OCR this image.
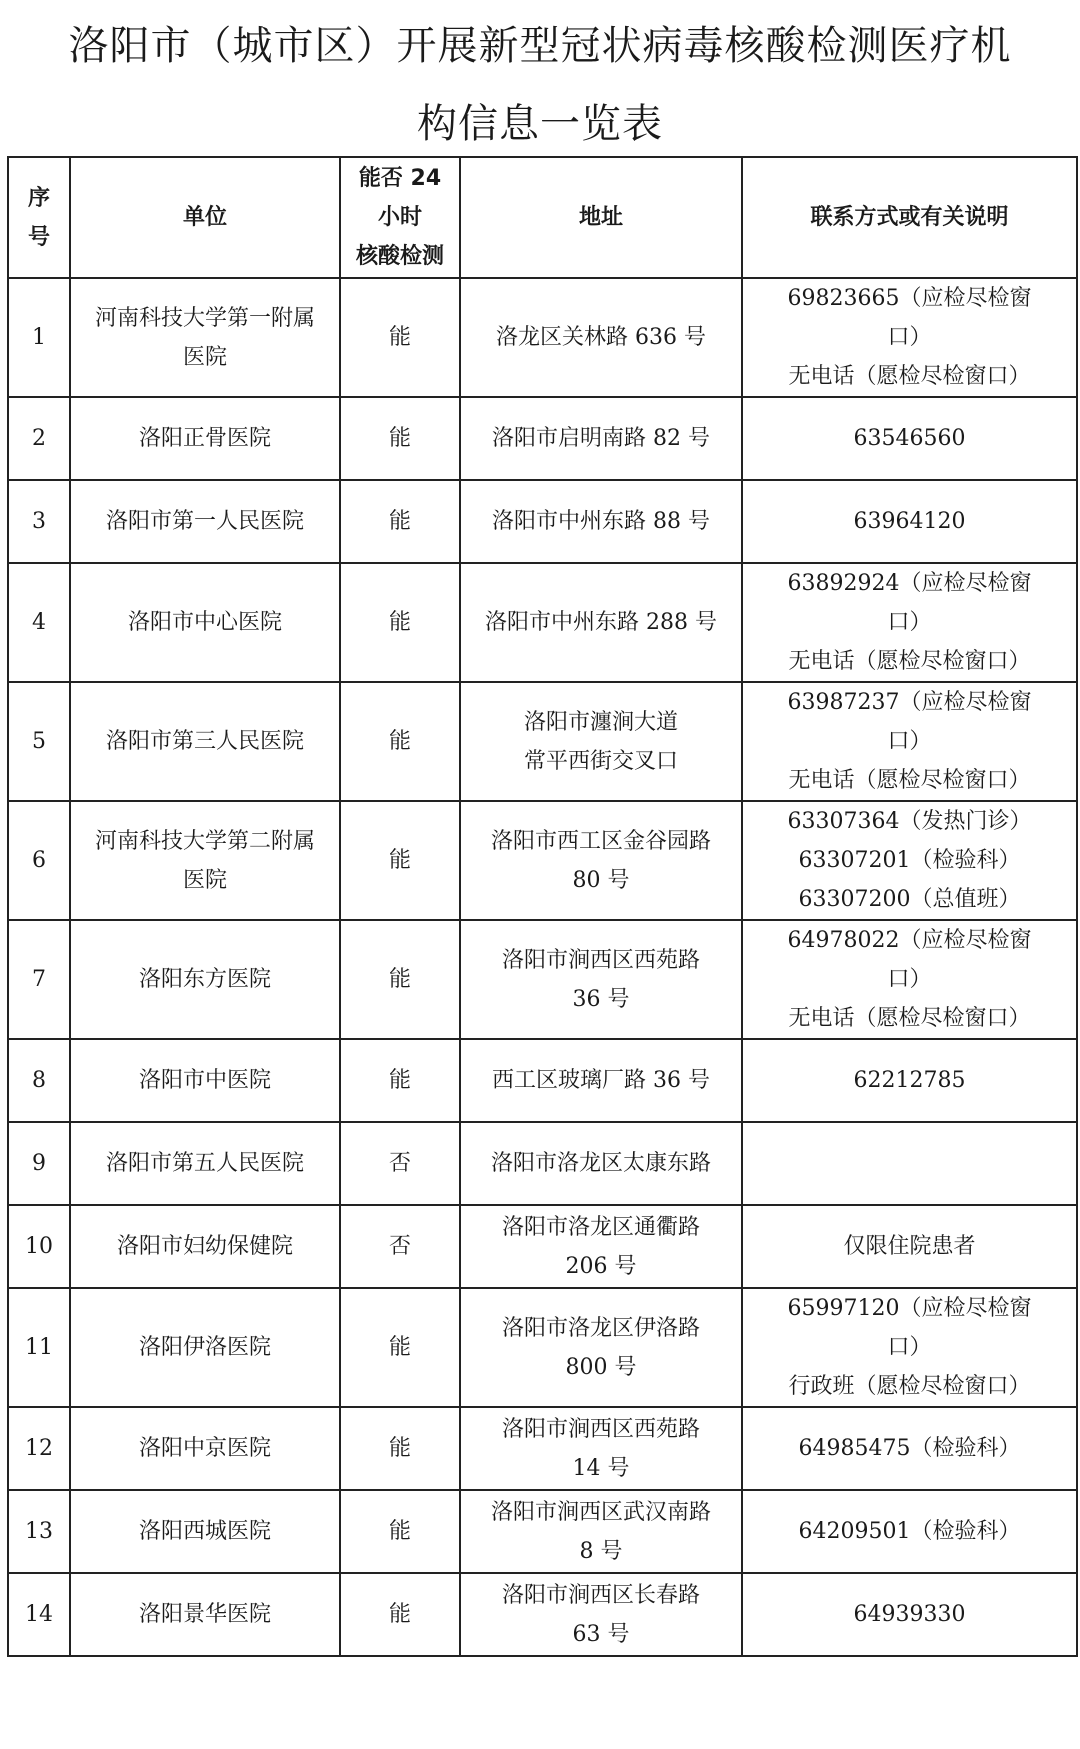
洛阳市（城市区）开展新型冠状病毒核酸检测医疗机
构信息一览表
序
号	单位	能否 24
小时
核酸检测	地址	联系方式或有关说明

1	河南科技大学第一附属
医院	能	洛龙区关林路 636 号	69823665（应检尽检窗
口）
无电话（愿检尽检窗口）

2	洛阳正骨医院	能	洛阳市启明南路 82 号	63546560

3	洛阳市第一人民医院	能	洛阳市中州东路 88 号	63964120

4	洛阳市中心医院	能	洛阳市中州东路 288 号	63892924（应检尽检窗
口）
无电话（愿检尽检窗口）

5	洛阳市第三人民医院	能	洛阳市瀍涧大道
常平西街交叉口	63987237（应检尽检窗
口）
无电话（愿检尽检窗口）

6	河南科技大学第二附属
医院	能	洛阳市西工区金谷园路
80 号	63307364（发热门诊）
63307201（检验科）
63307200（总值班）

7	洛阳东方医院	能	洛阳市涧西区西苑路
36 号	64978022（应检尽检窗
口）
无电话（愿检尽检窗口）

8	洛阳市中医院	能	西工区玻璃厂路 36 号	62212785

9	洛阳市第五人民医院	否	洛阳市洛龙区太康东路	

10	洛阳市妇幼保健院	否	洛阳市洛龙区通衢路
206 号	仅限住院患者

11	洛阳伊洛医院	能	洛阳市洛龙区伊洛路
800 号	65997120（应检尽检窗
口）
行政班（愿检尽检窗口）

12	洛阳中京医院	能	洛阳市涧西区西苑路
14 号	64985475（检验科）

13	洛阳西城医院	能	洛阳市涧西区武汉南路
8 号	64209501（检验科）

14	洛阳景华医院	能	洛阳市涧西区长春路
63 号	64939330
